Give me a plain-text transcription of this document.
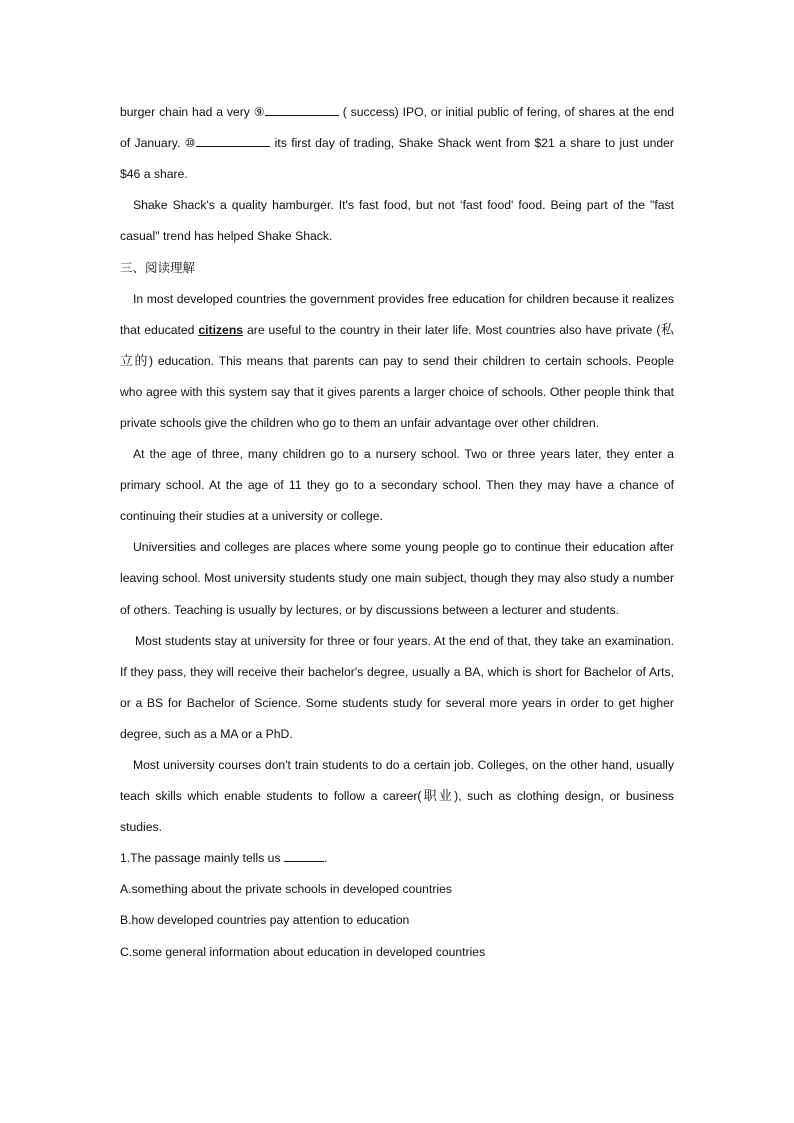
burger chain had a very ⑨	( success) IPO, or initial public of fering, of shares at the end of January. ⑩	its first day of trading, Shake Shack went from $21 a share to just under $46 a share.

Shake Shack's a quality hamburger. It's fast food, but not ‘fast food' food. Being part of the "fast casual" trend has helped Shake Shack.

三、阅读理解

In most developed countries the government provides free education for children because it realizes that educated citizens are useful to the country in their later life. Most countries also have private (私立的) education. This means that parents can pay to send their children to certain schools. People who agree with this system say that it gives parents a larger choice of schools. Other people think that private schools give the children who go to them an unfair advantage over other children.

At the age of three, many children go to a nursery school. Two or three years later, they enter a primary school. At the age of 11 they go to a secondary school. Then they may have a chance of continuing their studies at a university or college.

Universities and colleges are places where some young people go to continue their education after leaving school. Most university students study one main subject, though they may also study a number of others. Teaching is usually by lectures, or by discussions between a lecturer and students.

Most students stay at university for three or four years. At the end of that, they take an examination. If they pass, they will receive their bachelor's degree, usually a BA, which is short for Bachelor of Arts, or a BS for Bachelor of Science. Some students study for several more years in order to get higher degree, such as a MA or a PhD.

Most university courses don't train students to do a certain job. Colleges, on the other hand, usually teach skills which enable students to follow a career(职业), such as clothing design, or business studies.

1.The passage mainly tells us	.

A.something about the private schools in developed countries

B.how developed countries pay attention to education

C.some general information about education in developed countries
